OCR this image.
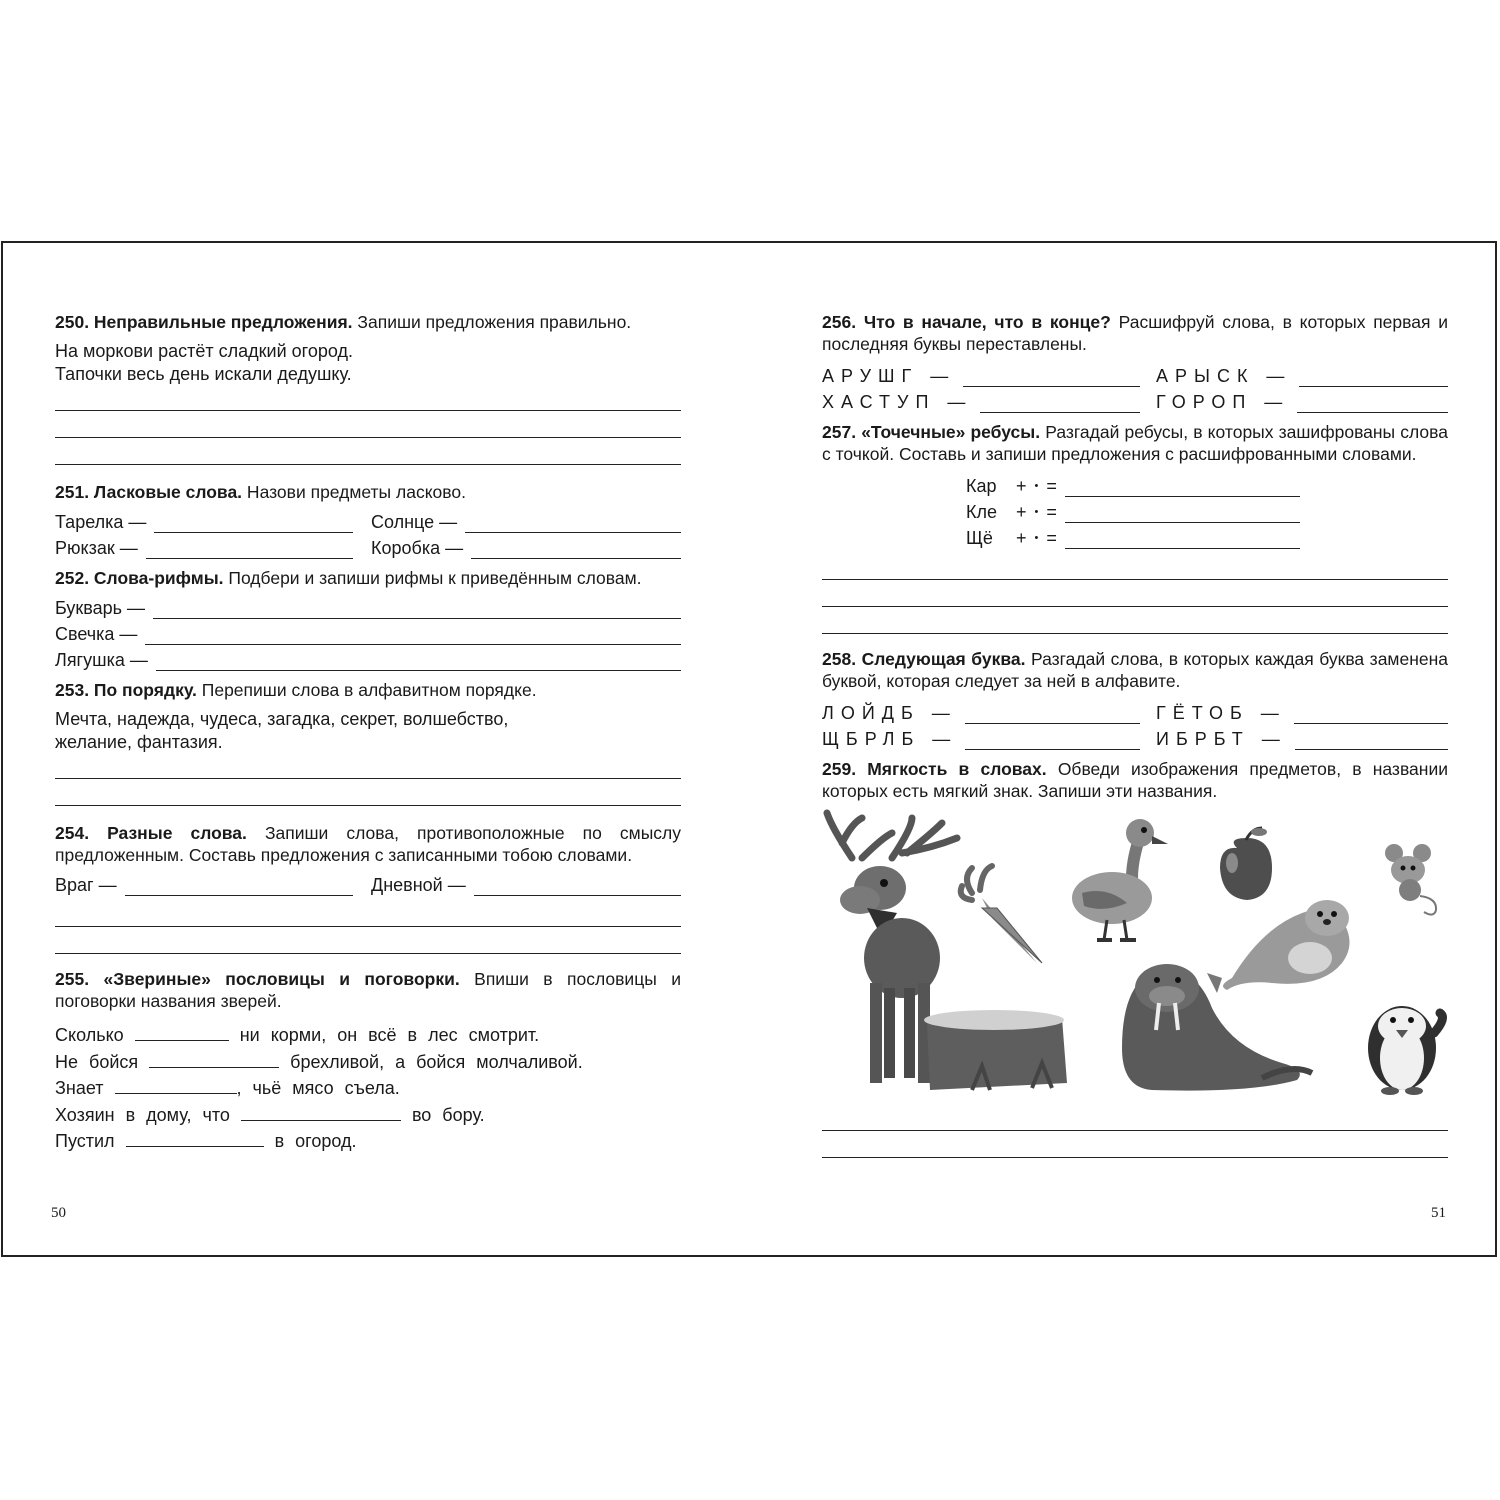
250. Неправильные предложения. Запиши предложения правильно.

На моркови растёт сладкий огород.

Тапочки весь день искали дедушку.

251. Ласковые слова. Назови предметы ласково.

Тарелка —	Солнце —
Рюкзак —	Коробка —

252. Слова-рифмы. Подбери и запиши рифмы к приведённым словам.

Букварь —
Свечка —
Лягушка —

253. По порядку. Перепиши слова в алфавитном порядке.

Мечта, надежда, чудеса, загадка, секрет, волшебство,

желание, фантазия.

254. Разные слова. Запиши слова, противоположные по смыслу предложенным. Составь предложения с записанными тобою словами.

Враг —	Дневной —

255. «Звериные» пословицы и поговорки. Впиши в пословицы и поговорки названия зверей.

Сколько	ни корми, он всё в лес смотрит.
Не бойся	брехливой, а бойся молчаливой.
Знает	, чьё мясо съела.
Хозяин в дому, что	во бору.
Пустил	в огород.
50

256. Что в начале, что в конце? Расшифруй слова, в которых первая и последняя буквы переставлены.

АРУШГ —	АРЫСК —
ХАСТУП —	ГОРОП —

257. «Точечные» ребусы. Разгадай ребусы, в которых зашифрованы слова с точкой. Составь и запиши предложения с расшифрованными словами.

Кар	+ • =
Кле	+ • =
Щё	+ • =

258. Следующая буква. Разгадай слова, в которых каждая буква заменена буквой, которая следует за ней в алфавите.

ЛОЙДБ —	ГЁТОБ —
ЩБРЛБ —	ИБРБТ —

259. Мягкость в словах. Обведи изображения предметов, в названии которых есть мягкий знак. Запиши эти названия.

51
